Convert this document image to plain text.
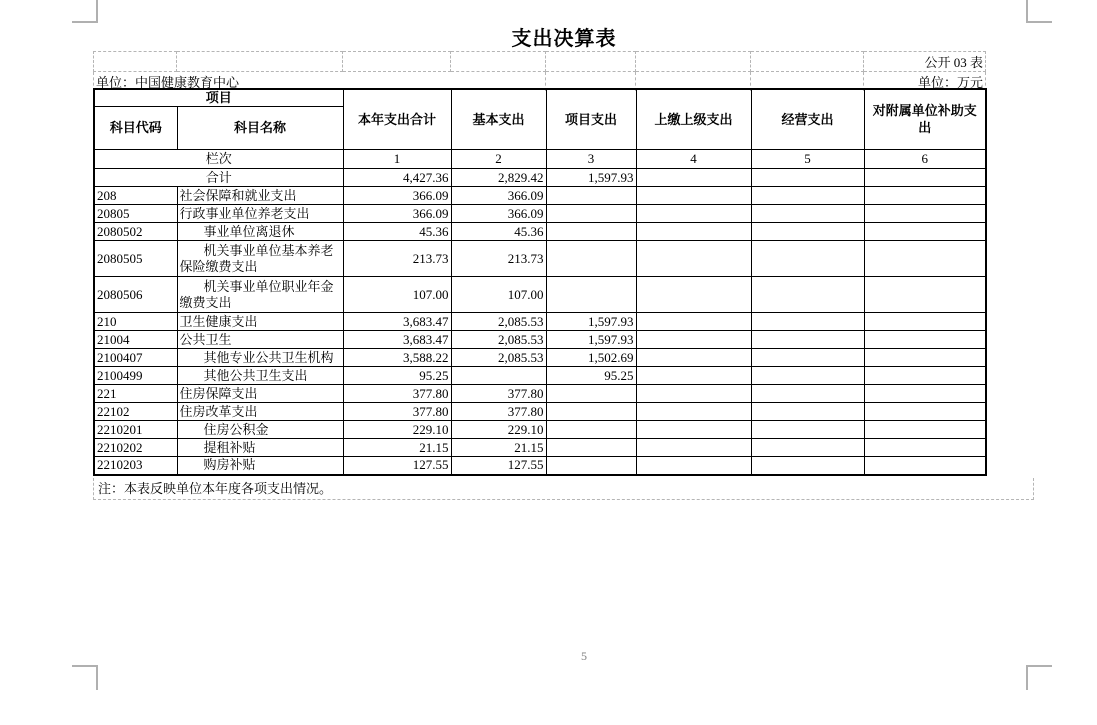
支出决算表
							公开 03 表
单位：中国健康教育中心							单位：万元
项目		本年支出合计	基本支出	项目支出	上缴上级支出	经营支出	对附属单位补助支出
科目代码	科目名称						
栏次		1	2	3	4	5	6
合计		4,427.36	2,829.42	1,597.93			
208	社会保障和就业支出	366.09	366.09				
20805	行政事业单位养老支出	366.09	366.09				
2080502	事业单位离退休	45.36	45.36				
2080505	机关事业单位基本养老保险缴费支出	213.73	213.73				
2080506	机关事业单位职业年金缴费支出	107.00	107.00				
210	卫生健康支出	3,683.47	2,085.53	1,597.93			
21004	公共卫生	3,683.47	2,085.53	1,597.93			
2100407	其他专业公共卫生机构	3,588.22	2,085.53	1,502.69			
2100499	其他公共卫生支出	95.25		95.25			
221	住房保障支出	377.80	377.80				
22102	住房改革支出	377.80	377.80				
2210201	住房公积金	229.10	229.10				
2210202	提租补贴	21.15	21.15				
2210203	购房补贴	127.55	127.55				
注：本表反映单位本年度各项支出情况。
5
